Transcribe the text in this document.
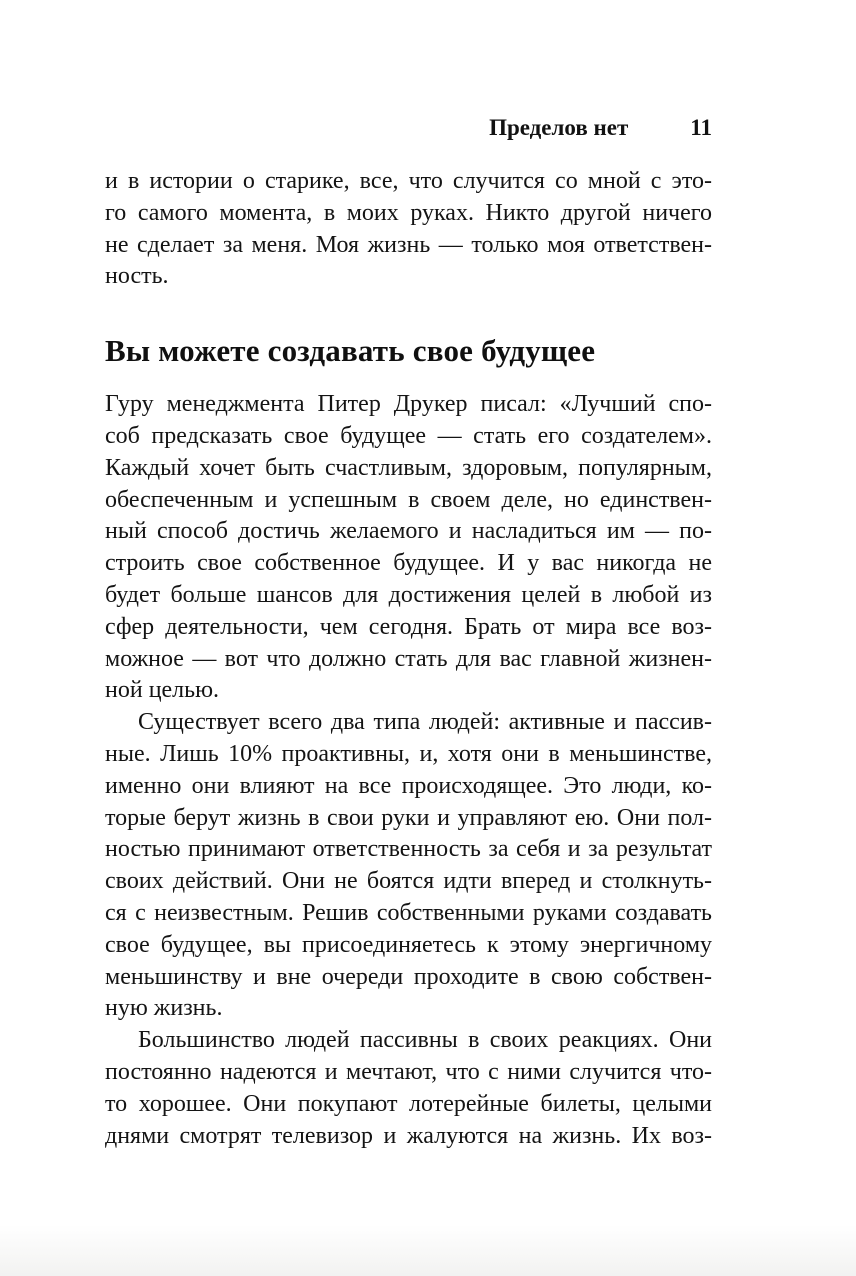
Пределов нет	11
и в истории о старике, все, что случится со мной с это-
го самого момента, в моих руках. Никто другой ничего
не сделает за меня. Моя жизнь — только моя ответствен-
ность.
Вы можете создавать свое будущее
Гуру менеджмента Питер Друкер писал: «Лучший спо-
соб предсказать свое будущее — стать его создателем».
Каждый хочет быть счастливым, здоровым, популярным,
обеспеченным и успешным в своем деле, но единствен-
ный способ достичь желаемого и насладиться им — по-
строить свое собственное будущее. И у вас никогда не
будет больше шансов для достижения целей в любой из
сфер деятельности, чем сегодня. Брать от мира все воз-
можное — вот что должно стать для вас главной жизнен-
ной целью.
Существует всего два типа людей: активные и пассив-
ные. Лишь 10% проактивны, и, хотя они в меньшинстве,
именно они влияют на все происходящее. Это люди, ко-
торые берут жизнь в свои руки и управляют ею. Они пол-
ностью принимают ответственность за себя и за результат
своих действий. Они не боятся идти вперед и столкнуть-
ся с неизвестным. Решив собственными руками создавать
свое будущее, вы присоединяетесь к этому энергичному
меньшинству и вне очереди проходите в свою собствен-
ную жизнь.
Большинство людей пассивны в своих реакциях. Они
постоянно надеются и мечтают, что с ними случится что-
то хорошее. Они покупают лотерейные билеты, целыми
днями смотрят телевизор и жалуются на жизнь. Их воз-
